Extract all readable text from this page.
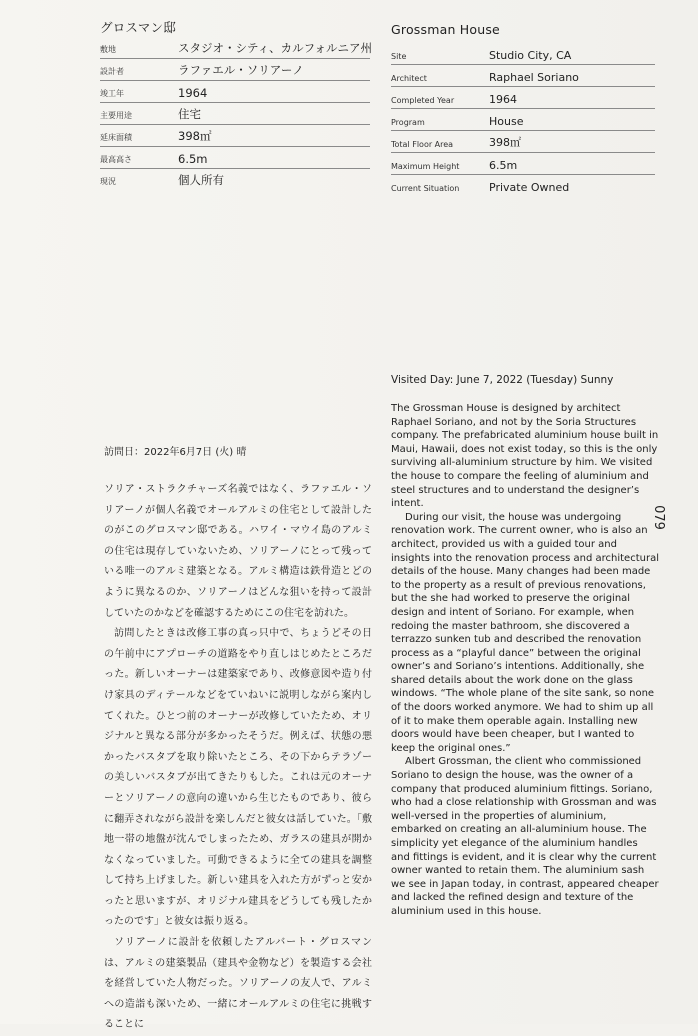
グロスマン邸
敷地	スタジオ・シティ、カルフォルニア州
設計者	ラファエル・ソリアーノ
竣工年	1964
主要用途	住宅
延床面積	398㎡
最高高さ	6.5m
現況	個人所有
Grossman House
Site	Studio City, CA
Architect	Raphael Soriano
Completed Year	1964
Program	House
Total Floor Area	398㎡
Maximum Height	6.5m
Current Situation	Private Owned
Visited Day: June 7, 2022 (Tuesday) Sunny

The Grossman House is designed by architect Raphael Soriano, and not by the Soria Structures company. The prefabricated aluminium house built in Maui, Hawaii, does not exist today, so this is the only surviving all-aluminium structure by him. We visited the house to compare the feeling of aluminium and steel structures and to understand the designer’s intent.

During our visit, the house was undergoing renovation work. The current owner, who is also an architect, provided us with a guided tour and insights into the renovation process and architectural details of the house. Many changes had been made to the property as a result of previous renovations, but the she had worked to preserve the original design and intent of Soriano. For example, when redoing the master bathroom, she discovered a terrazzo sunken tub and described the renovation process as a “playful dance” between the original owner’s and Soriano’s intentions. Additionally, she shared details about the work done on the glass windows. “The whole plane of the site sank, so none of the doors worked anymore. We had to shim up all of it to make them operable again. Installing new doors would have been cheaper, but I wanted to keep the original ones.”

Albert Grossman, the client who commissioned Soriano to design the house, was the owner of a company that produced aluminium fittings. Soriano, who had a close relationship with Grossman and was well-versed in the properties of aluminium, embarked on creating an all-aluminium house. The simplicity yet elegance of the aluminium handles and fittings is evident, and it is clear why the current owner wanted to retain them. The aluminium sash we see in Japan today, in contrast, appeared cheaper and lacked the refined design and texture of the aluminium used in this house.

訪問日：2022年6月7日 (火) 晴

ソリア・ストラクチャーズ名義ではなく、ラファエル・ソリアーノが個人名義でオールアルミの住宅として設計したのがこのグロスマン邸である。ハワイ・マウイ島のアルミの住宅は現存していないため、ソリアーノにとって残っている唯一のアルミ建築となる。アルミ構造は鉄骨造とどのように異なるのか、ソリアーノはどんな狙いを持って設計していたのかなどを確認するためにこの住宅を訪れた。

訪問したときは改修工事の真っ只中で、ちょうどその日の午前中にアプローチの道路をやり直しはじめたところだった。新しいオーナーは建築家であり、改修意図や造り付け家具のディテールなどをていねいに説明しながら案内してくれた。ひとつ前のオーナーが改修していたため、オリジナルと異なる部分が多かったそうだ。例えば、状態の悪かったバスタブを取り除いたところ、その下からテラゾーの美しいバスタブが出てきたりもした。これは元のオーナーとソリアーノの意向の違いから生じたものであり、彼らに翻弄されながら設計を楽しんだと彼女は話していた。「敷地一帯の地盤が沈んでしまったため、ガラスの建具が開かなくなっていました。可動できるように全ての建具を調整して持ち上げました。新しい建具を入れた方がずっと安かったと思いますが、オリジナル建具をどうしても残したかったのです」と彼女は振り返る。

ソリアーノに設計を依頼したアルバート・グロスマンは、アルミの建築製品（建具や金物など）を製造する会社を経営していた人物だった。ソリアーノの友人で、アルミへの造詣も深いため、一緒にオールアルミの住宅に挑戦することに

079
